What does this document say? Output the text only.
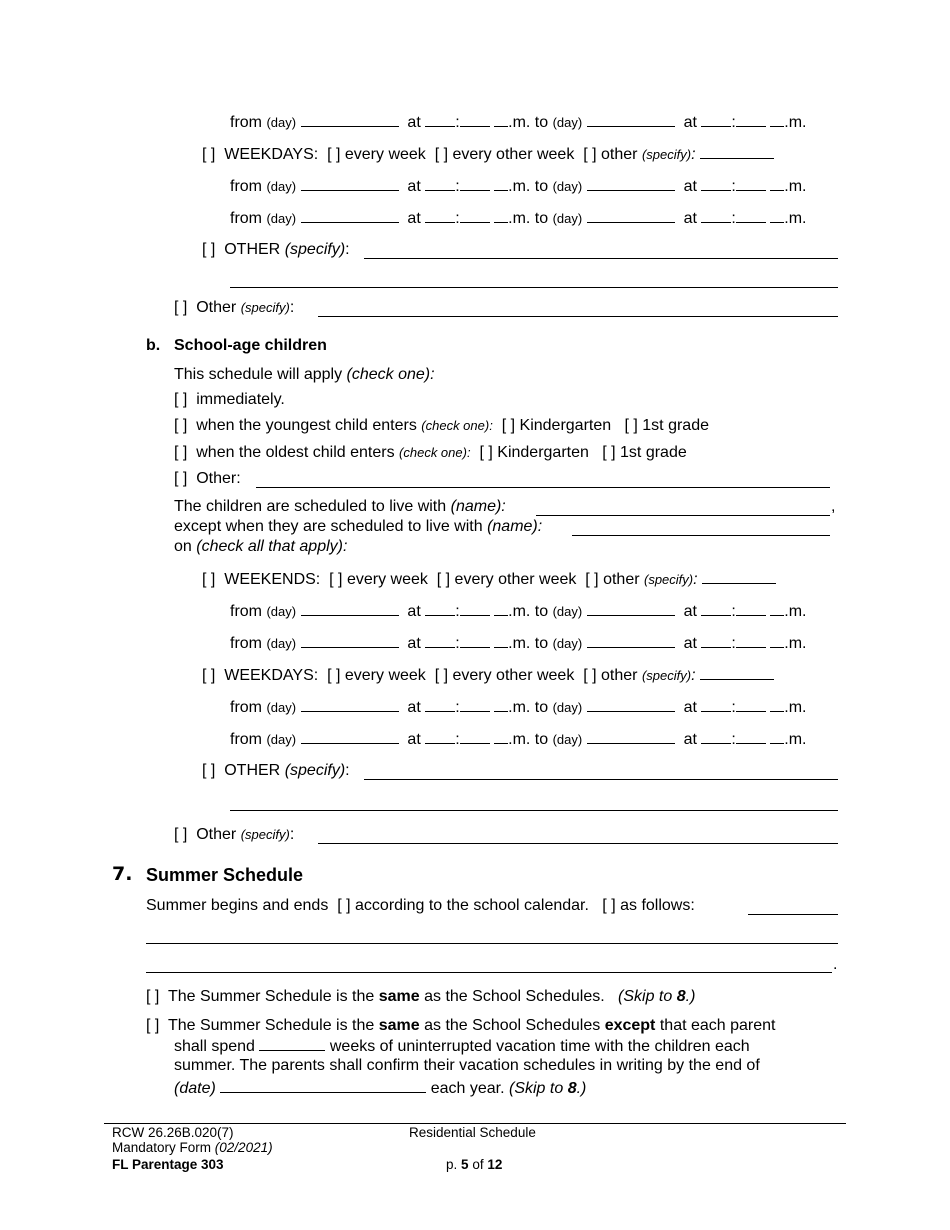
from (day)	at :	.m. to (day)	at :	.m.
[ ] WEEKDAYS: [ ] every week [ ] every other week [ ] other (specify):
from (day)	at :	.m. to (day)	at :	.m.
from (day)	at :	.m. to (day)	at :	.m.
[ ] OTHER (specify):
[ ] Other (specify):
b. School-age children
This schedule will apply (check one):
[ ] immediately.
[ ] when the youngest child enters (check one): [ ] Kindergarten [ ] 1st grade
[ ] when the oldest child enters (check one): [ ] Kindergarten [ ] 1st grade
[ ] Other:
The children are scheduled to live with (name):	,
except when they are scheduled to live with (name):
on (check all that apply):
[ ] WEEKENDS: [ ] every week [ ] every other week [ ] other (specify):
from (day)	at :	.m. to (day)	at :	.m.
from (day)	at :	.m. to (day)	at :	.m.
[ ] WEEKDAYS: [ ] every week [ ] every other week [ ] other (specify):
from (day)	at :	.m. to (day)	at :	.m.
from (day)	at :	.m. to (day)	at :	.m.
[ ] OTHER (specify):
[ ] Other (specify):
7. Summer Schedule
Summer begins and ends [ ] according to the school calendar. [ ] as follows:
.
[ ] The Summer Schedule is the same as the School Schedules. (Skip to 8.)
[ ] The Summer Schedule is the same as the School Schedules except that each parent
shall spend	weeks of uninterrupted vacation time with the children each
summer. The parents shall confirm their vacation schedules in writing by the end of
(date)	each year. (Skip to 8.)
RCW 26.26B.020(7)
Mandatory Form (02/2021)
FL Parentage 303
Residential Schedule
p. 5 of 12
